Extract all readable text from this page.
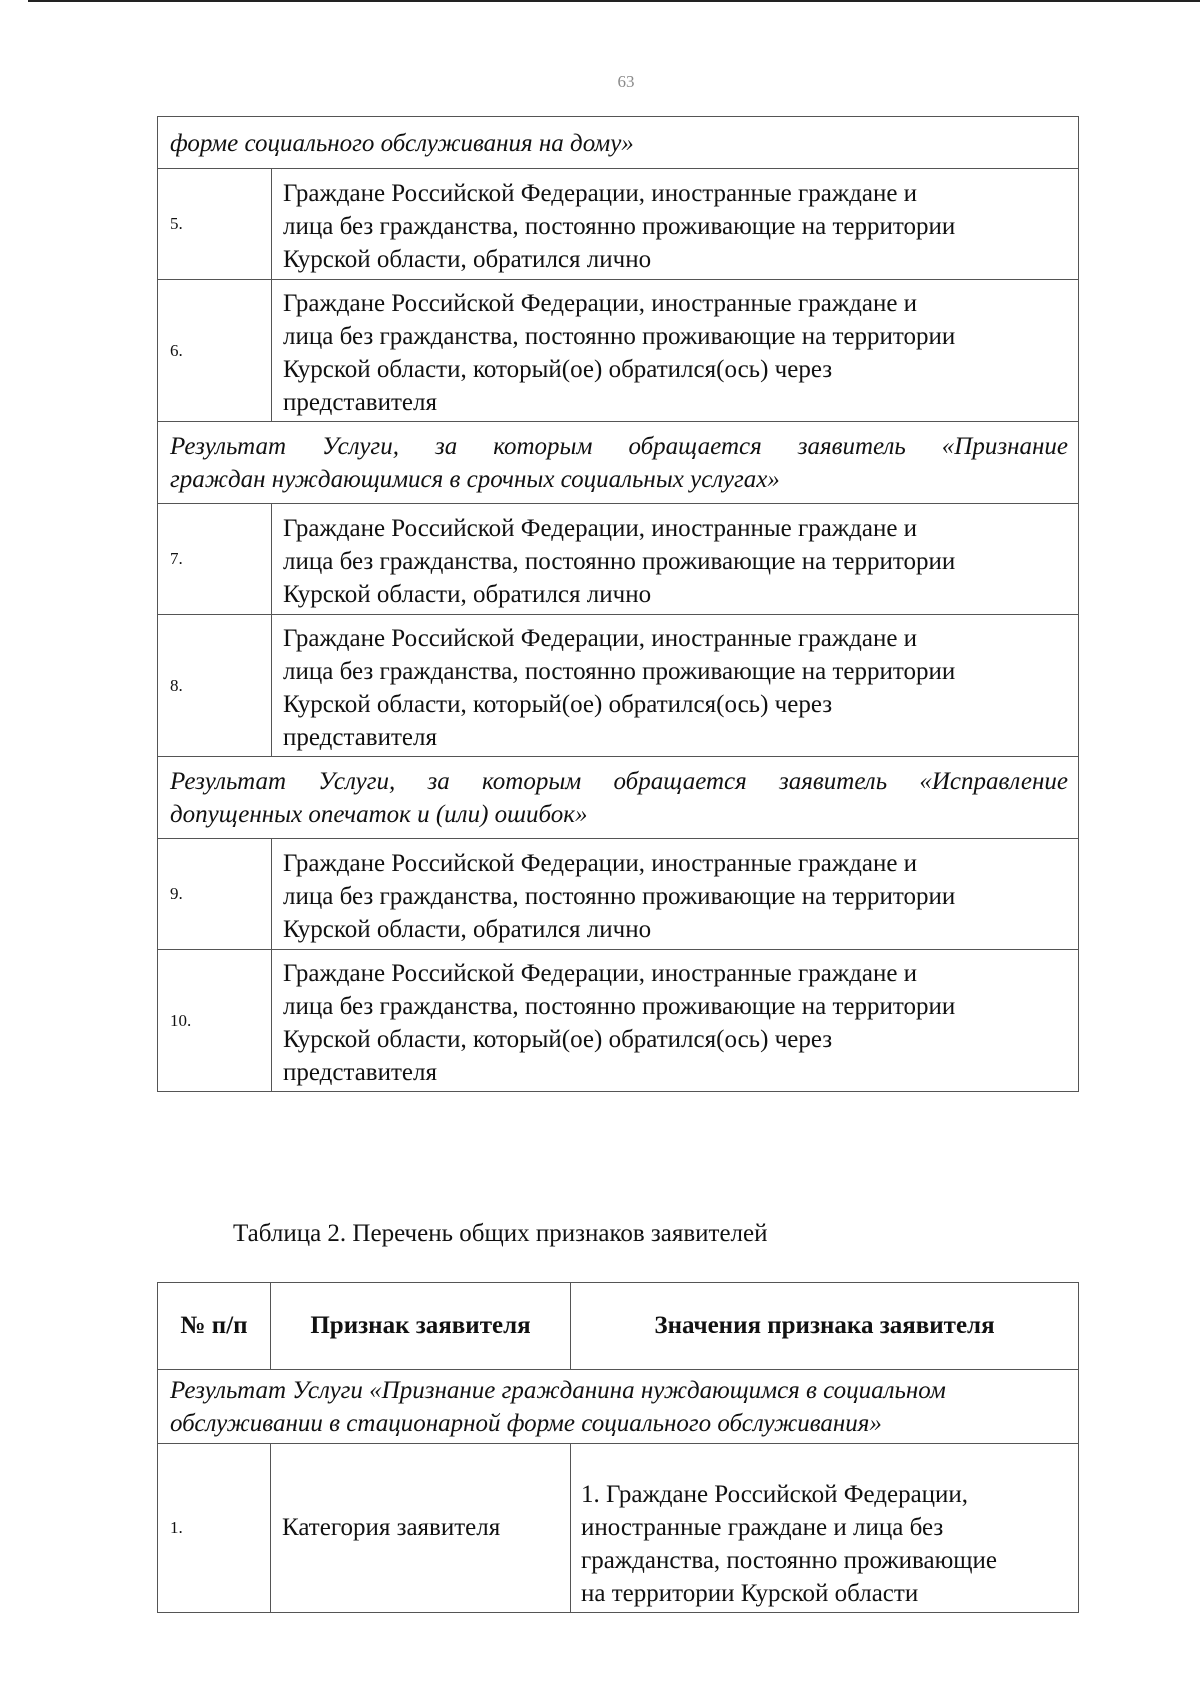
63
форме социального обслуживания на дому»	
5.	Граждане Российской Федерации, иностранные граждане и
лица без гражданства, постоянно проживающие на территории
Курской области, обратился лично

6.	Граждане Российской Федерации, иностранные граждане и
лица без гражданства, постоянно проживающие на территории
Курской области, который(ое) обратился(ось) через
представителя

Результат Услуги, за которым обращается заявитель «Признание
граждан нуждающимися в срочных социальных услугах»	
7.	Граждане Российской Федерации, иностранные граждане и
лица без гражданства, постоянно проживающие на территории
Курской области, обратился лично

8.	Граждане Российской Федерации, иностранные граждане и
лица без гражданства, постоянно проживающие на территории
Курской области, который(ое) обратился(ось) через
представителя

Результат Услуги, за которым обращается заявитель «Исправление
допущенных опечаток и (или) ошибок»	
9.	Граждане Российской Федерации, иностранные граждане и
лица без гражданства, постоянно проживающие на территории
Курской области, обратился лично

10.	Граждане Российской Федерации, иностранные граждане и
лица без гражданства, постоянно проживающие на территории
Курской области, который(ое) обратился(ось) через
представителя
Таблица 2. Перечень общих признаков заявителей
№ п/п	Признак заявителя	Значения признака заявителя

Результат Услуги «Признание гражданина нуждающимся в социальном
обслуживании в стационарной форме социального обслуживания»		

1.	Категория заявителя	1. Граждане Российской Федерации,
иностранные граждане и лица без
гражданства, постоянно проживающие
на территории Курской области
